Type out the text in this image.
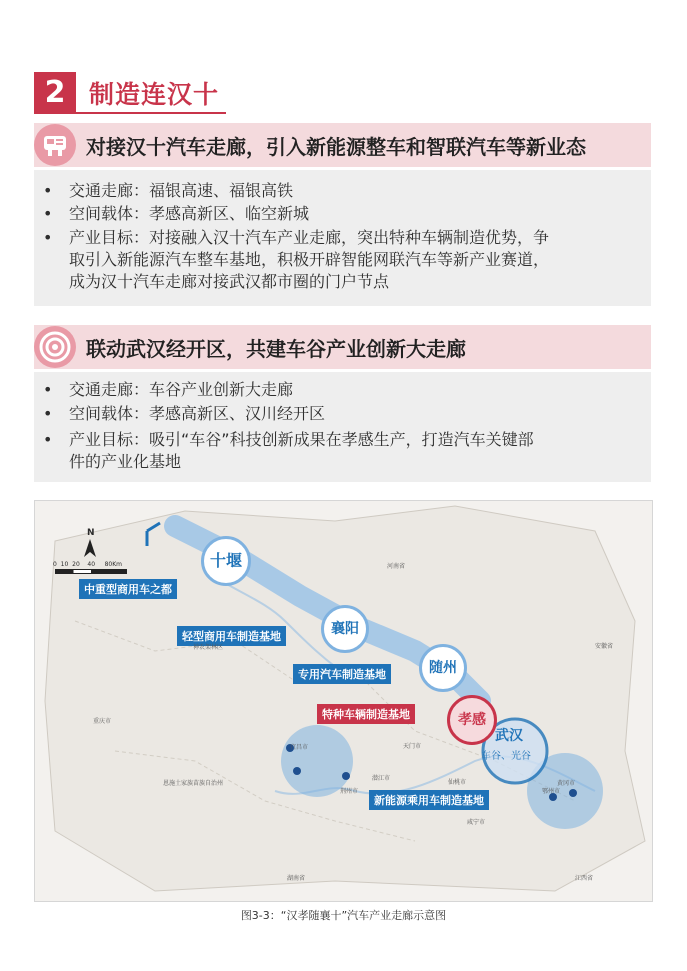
2 制造连汉十
对接汉十汽车走廊，引入新能源整车和智联汽车等新业态
• 交通走廊：福银高速、福银高铁
• 空间载体：孝感高新区、临空新城
• 产业目标：对接融入汉十汽车产业走廊，突出特种车辆制造优势，争
取引入新能源汽车整车基地，积极开辟智能网联汽车等新产业赛道，
成为汉十汽车走廊对接武汉都市圈的门户节点
联动武汉经开区，共建车谷产业创新大走廊
• 交通走廊：车谷产业创新大走廊
• 空间载体：孝感高新区、汉川经开区
• 产业目标：吸引“车谷”科技创新成果在孝感生产，打造汽车关键部
件的产业化基地
N
0 10 20 40 80Km	十堰
襄阳
随州
孝感
武汉
车谷、光谷
中重型商用车之都
轻型商用车制造基地
专用汽车制造基地
特种车辆制造基地
新能源乘用车制造基地
宜昌市
荆州市
潜江市
天门市
仙桃市
咸宁市
黄冈市
鄂州市
神农架林区
恩施土家族苗族自治州
重庆市
湖南省	江西省
安徽省
河南省
图3-3：“汉孝随襄十”汽车产业走廊示意图
